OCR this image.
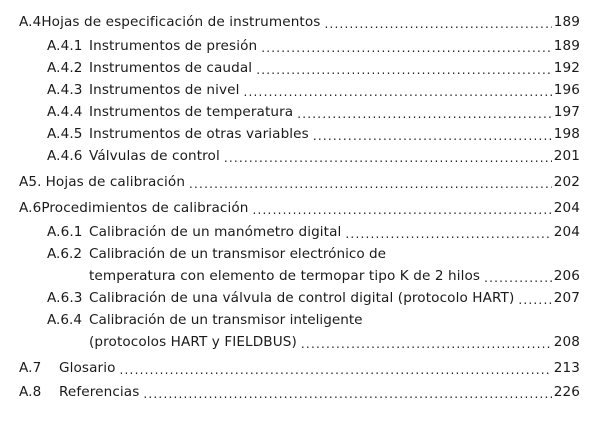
A.4 Hojas de especificación de instrumentos .....	189
A.4.1 Instrumentos de presión .....	189
A.4.2 Instrumentos de caudal .....	192
A.4.3 Instrumentos de nivel .....	196
A.4.4 Instrumentos de temperatura .....	197
A.4.5 Instrumentos de otras variables .....	198
A.4.6 Válvulas de control .....	201
A5. Hojas de calibración .....	202
A.6 Procedimientos de calibración .....	204
A.6.1 Calibración de un manómetro digital .....	204
A.6.2 Calibración de un transmisor electrónico de
temperatura con elemento de termopar tipo K de 2 hilos .....	206
A.6.3 Calibración de una válvula de control digital (protocolo HART) .....	207
A.6.4 Calibración de un transmisor inteligente
(protocolos HART y FIELDBUS) .....	208
A.7	Glosario .....	213
A.8	Referencias .....	226
